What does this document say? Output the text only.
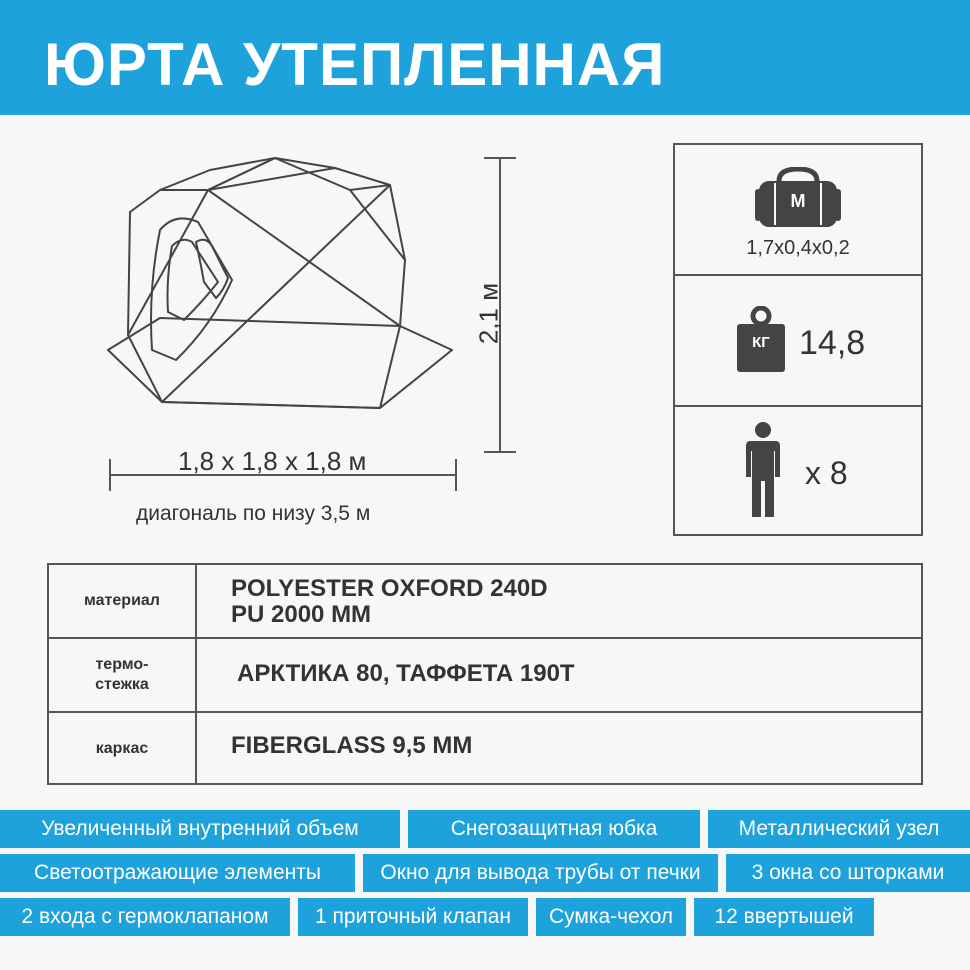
ЮРТА УТЕПЛЕННАЯ
2,1 м
1,8 х 1,8 х 1,8 м
диагональ по низу 3,5 м
М
1,7х0,4х0,2
КГ 14,8
х 8
материал	POLYESTER OXFORD 240D
PU 2000 MM
термо-
стежка	АРКТИКА 80, ТАФФЕТА 190Т
каркас	FIBERGLASS 9,5 MM
Увеличенный внутренний объем	Снегозащитная юбка	Металлический узел
Светоотражающие элементы	Окно для вывода трубы от печки	3 окна со шторками
2 входа с гермоклапаном	1 приточный клапан	Сумка-чехол	12 ввертышей
